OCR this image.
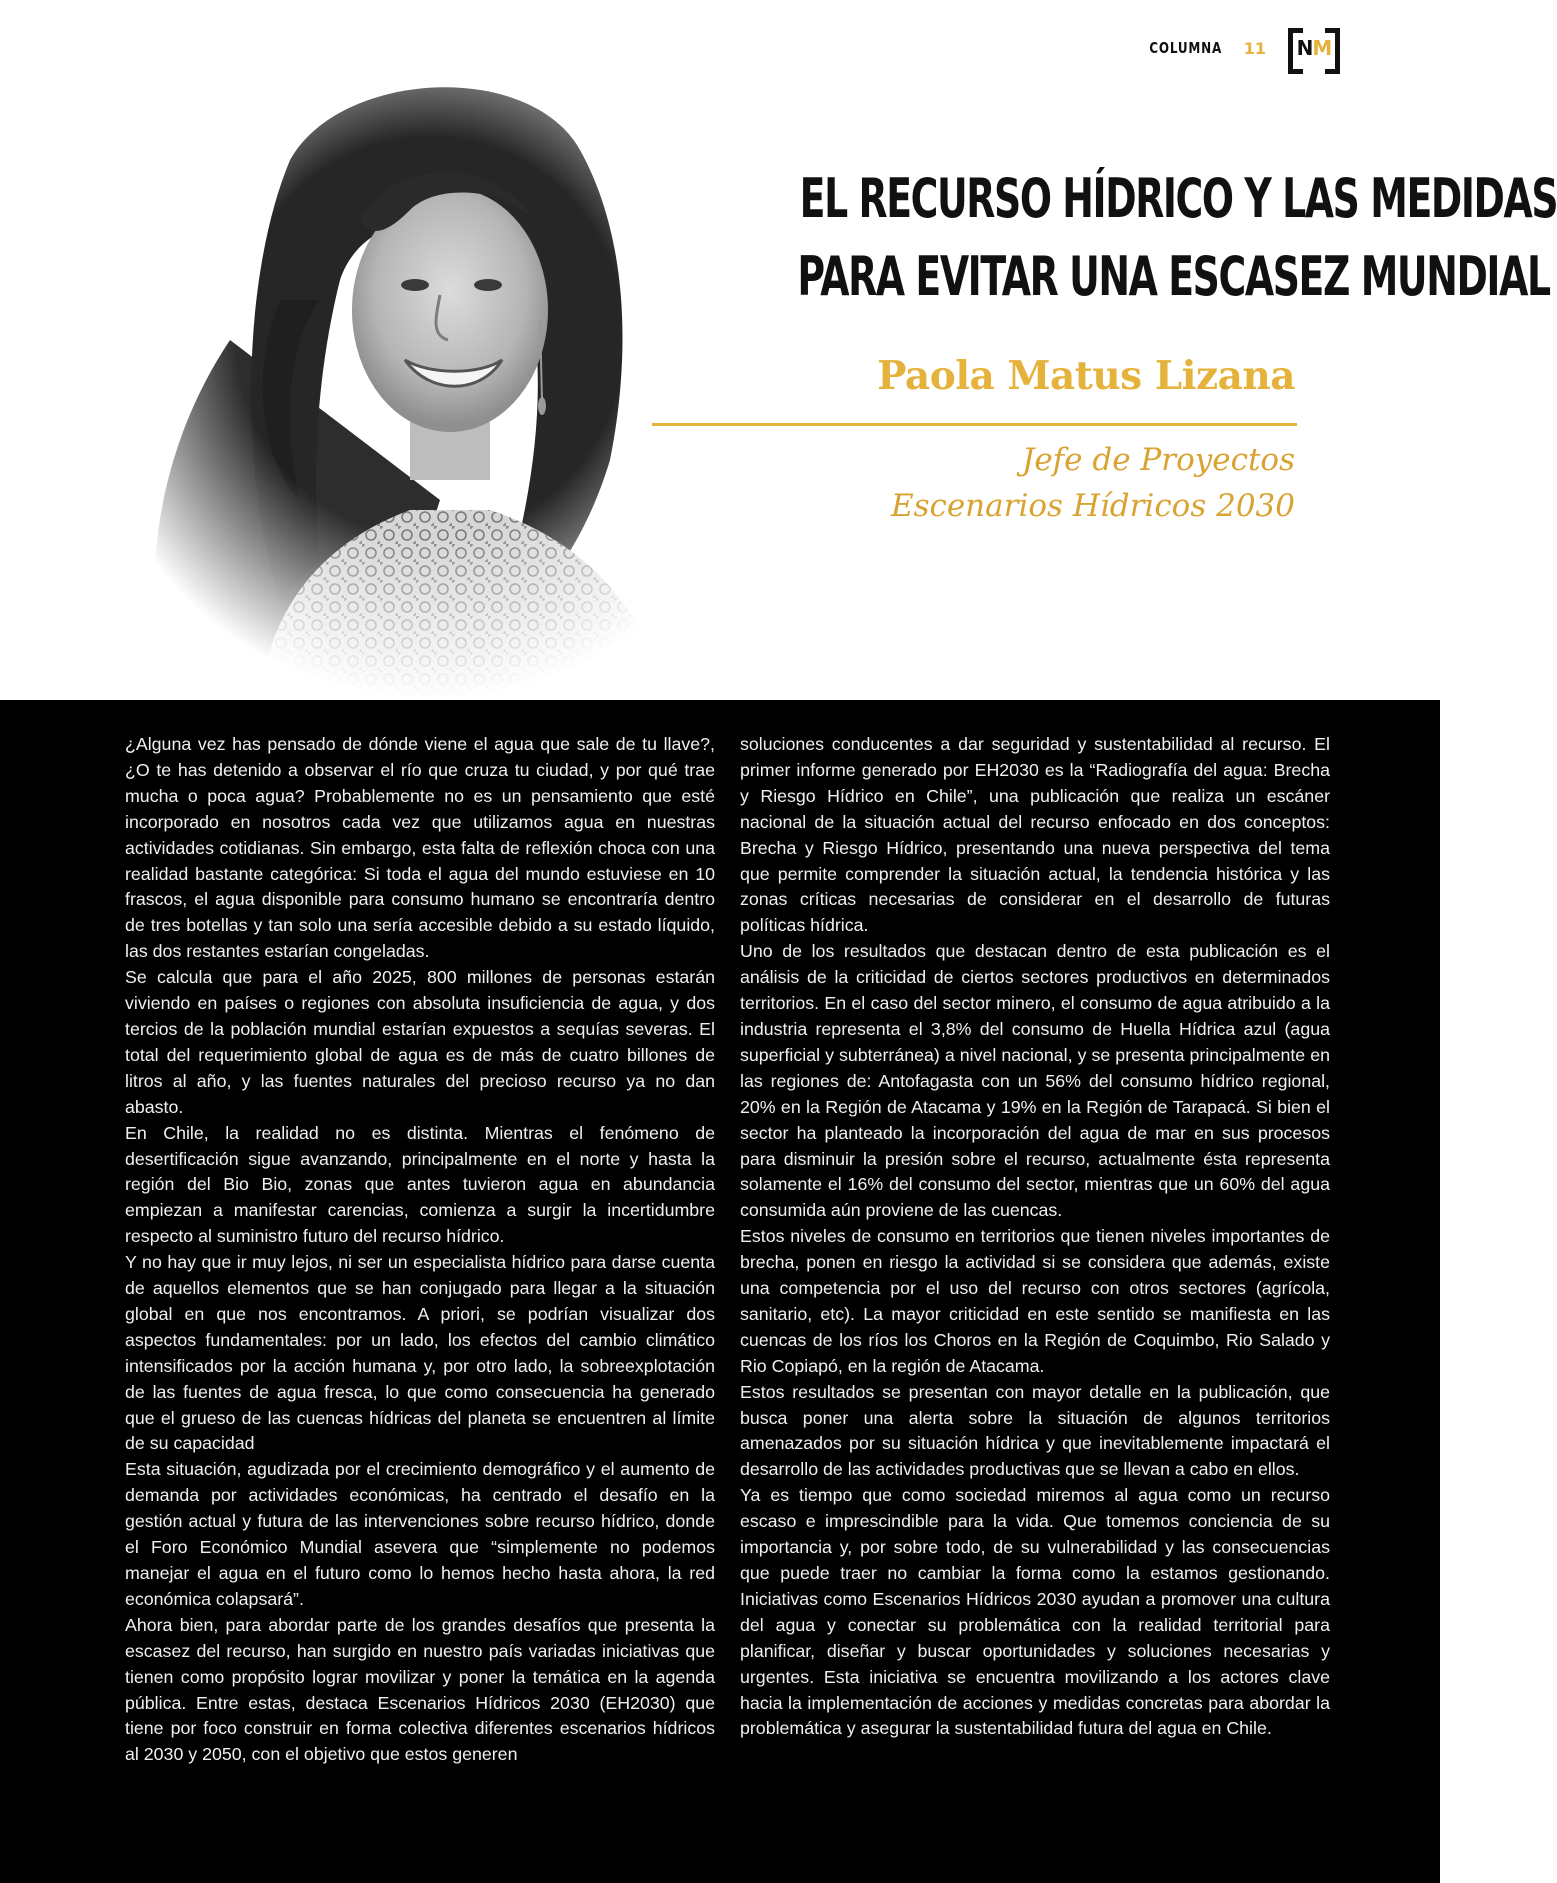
COLUMNA 11 NM
EL RECURSO HÍDRICO Y LAS MEDIDAS
PARA EVITAR UNA ESCASEZ MUNDIAL
Paola Matus Lizana
Jefe de Proyectos
Escenarios Hídricos 2030

¿Alguna vez has pensado de dónde viene el agua que sale de tu llave?, ¿O te has detenido a observar el río que cruza tu ciudad, y por qué trae mucha o poca agua? Probablemente no es un pensamiento que esté incorporado en nosotros cada vez que utilizamos agua en nuestras actividades cotidianas. Sin embargo, esta falta de reflexión choca con una realidad bastante categórica: Si toda el agua del mundo estuviese en 10 frascos, el agua disponible para consumo humano se encontraría dentro de tres botellas y tan solo una sería accesible debido a su estado líquido, las dos restantes estarían congeladas.

Se calcula que para el año 2025, 800 millones de personas estarán viviendo en países o regiones con absoluta insuficiencia de agua, y dos tercios de la población mundial estarían expuestos a sequías severas. El total del requerimiento global de agua es de más de cuatro billones de litros al año, y las fuentes naturales del precioso recurso ya no dan abasto.

En Chile, la realidad no es distinta. Mientras el fenómeno de desertificación sigue avanzando, principalmente en el norte y hasta la región del Bio Bio, zonas que antes tuvieron agua en abundancia empiezan a manifestar carencias, comienza a surgir la incertidumbre respecto al suministro futuro del recurso hídrico.

Y no hay que ir muy lejos, ni ser un especialista hídrico para darse cuenta de aquellos elementos que se han conjugado para llegar a la situación global en que nos encontramos. A priori, se podrían visualizar dos aspectos fundamentales: por un lado, los efectos del cambio climático intensificados por la acción humana y, por otro lado, la sobreexplotación de las fuentes de agua fresca, lo que como consecuencia ha generado que el grueso de las cuencas hídricas del planeta se encuentren al límite de su capacidad

Esta situación, agudizada por el crecimiento demográfico y el aumento de demanda por actividades económicas, ha centrado el desafío en la gestión actual y futura de las intervenciones sobre recurso hídrico, donde el Foro Económico Mundial asevera que “simplemente no podemos manejar el agua en el futuro como lo hemos hecho hasta ahora, la red económica colapsará”.

Ahora bien, para abordar parte de los grandes desafíos que presenta la escasez del recurso, han surgido en nuestro país variadas iniciativas que tienen como propósito lograr movilizar y poner la temática en la agenda pública. Entre estas, destaca Escenarios Hídricos 2030 (EH2030) que tiene por foco construir en forma colectiva diferentes escenarios hídricos al 2030 y 2050, con el objetivo que estos generen

soluciones conducentes a dar seguridad y sustentabilidad al recurso. El primer informe generado por EH2030 es la “Radiografía del agua: Brecha y Riesgo Hídrico en Chile”, una publicación que realiza un escáner nacional de la situación actual del recurso enfocado en dos conceptos: Brecha y Riesgo Hídrico, presentando una nueva perspectiva del tema que permite comprender la situación actual, la tendencia histórica y las zonas críticas necesarias de considerar en el desarrollo de futuras políticas hídrica.

Uno de los resultados que destacan dentro de esta publicación es el análisis de la criticidad de ciertos sectores productivos en determinados territorios. En el caso del sector minero, el consumo de agua atribuido a la industria representa el 3,8% del consumo de Huella Hídrica azul (agua superficial y subterránea) a nivel nacional, y se presenta principalmente en las regiones de: Antofagasta con un 56% del consumo hídrico regional, 20% en la Región de Atacama y 19% en la Región de Tarapacá. Si bien el sector ha planteado la incorporación del agua de mar en sus procesos para disminuir la presión sobre el recurso, actualmente ésta representa solamente el 16% del consumo del sector, mientras que un 60% del agua consumida aún proviene de las cuencas.

Estos niveles de consumo en territorios que tienen niveles importantes de brecha, ponen en riesgo la actividad si se considera que además, existe una competencia por el uso del recurso con otros sectores (agrícola, sanitario, etc). La mayor criticidad en este sentido se manifiesta en las cuencas de los ríos los Choros en la Región de Coquimbo, Rio Salado y Rio Copiapó, en la región de Atacama.

Estos resultados se presentan con mayor detalle en la publicación, que busca poner una alerta sobre la situación de algunos territorios amenazados por su situación hídrica y que inevitablemente impactará el desarrollo de las actividades productivas que se llevan a cabo en ellos.

Ya es tiempo que como sociedad miremos al agua como un recurso escaso e imprescindible para la vida. Que tomemos conciencia de su importancia y, por sobre todo, de su vulnerabilidad y las consecuencias que puede traer no cambiar la forma como la estamos gestionando. Iniciativas como Escenarios Hídricos 2030 ayudan a promover una cultura del agua y conectar su problemática con la realidad territorial para planificar, diseñar y buscar oportunidades y soluciones necesarias y urgentes. Esta iniciativa se encuentra movilizando a los actores clave hacia la implementación de acciones y medidas concretas para abordar la problemática y asegurar la sustentabilidad futura del agua en Chile.
